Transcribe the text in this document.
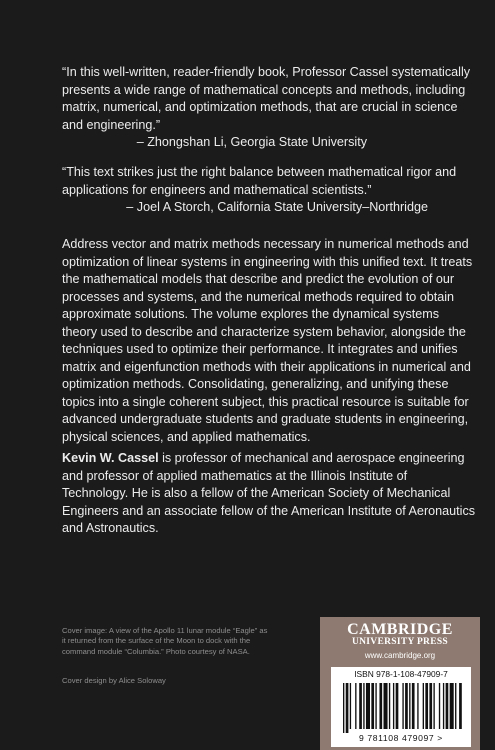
“In this well-written, reader-friendly book, Professor Cassel systematically presents a wide range of mathematical concepts and methods, including matrix, numerical, and optimization methods, that are crucial in science and engineering.”

– Zhongshan Li, Georgia State University

“This text strikes just the right balance between mathematical rigor and applications for engineers and mathematical scientists.”

– Joel A Storch, California State University–Northridge

Address vector and matrix methods necessary in numerical methods and optimization of linear systems in engineering with this unified text. It treats the mathematical models that describe and predict the evolution of our processes and systems, and the numerical methods required to obtain approximate solutions. The volume explores the dynamical systems theory used to describe and characterize system behavior, alongside the techniques used to optimize their performance. It integrates and unifies matrix and eigenfunction methods with their applications in numerical and optimization methods. Consolidating, generalizing, and unifying these topics into a single coherent subject, this practical resource is suitable for advanced undergraduate students and graduate students in engineering, physical sciences, and applied mathematics.

Kevin W. Cassel is professor of mechanical and aerospace engineering and professor of applied mathematics at the Illinois Institute of Technology. He is also a fellow of the American Society of Mechanical Engineers and an associate fellow of the American Institute of Aeronautics and Astronautics.

Cover image: A view of the Apollo 11 lunar module “Eagle” as it returned from the surface of the Moon to dock with the command module “Columbia.” Photo courtesy of NASA.

Cover design by Alice Soloway

CAMBRIDGE
UNIVERSITY PRESS
www.cambridge.org
ISBN 978-1-108-47909-7
9 781108 479097 >
